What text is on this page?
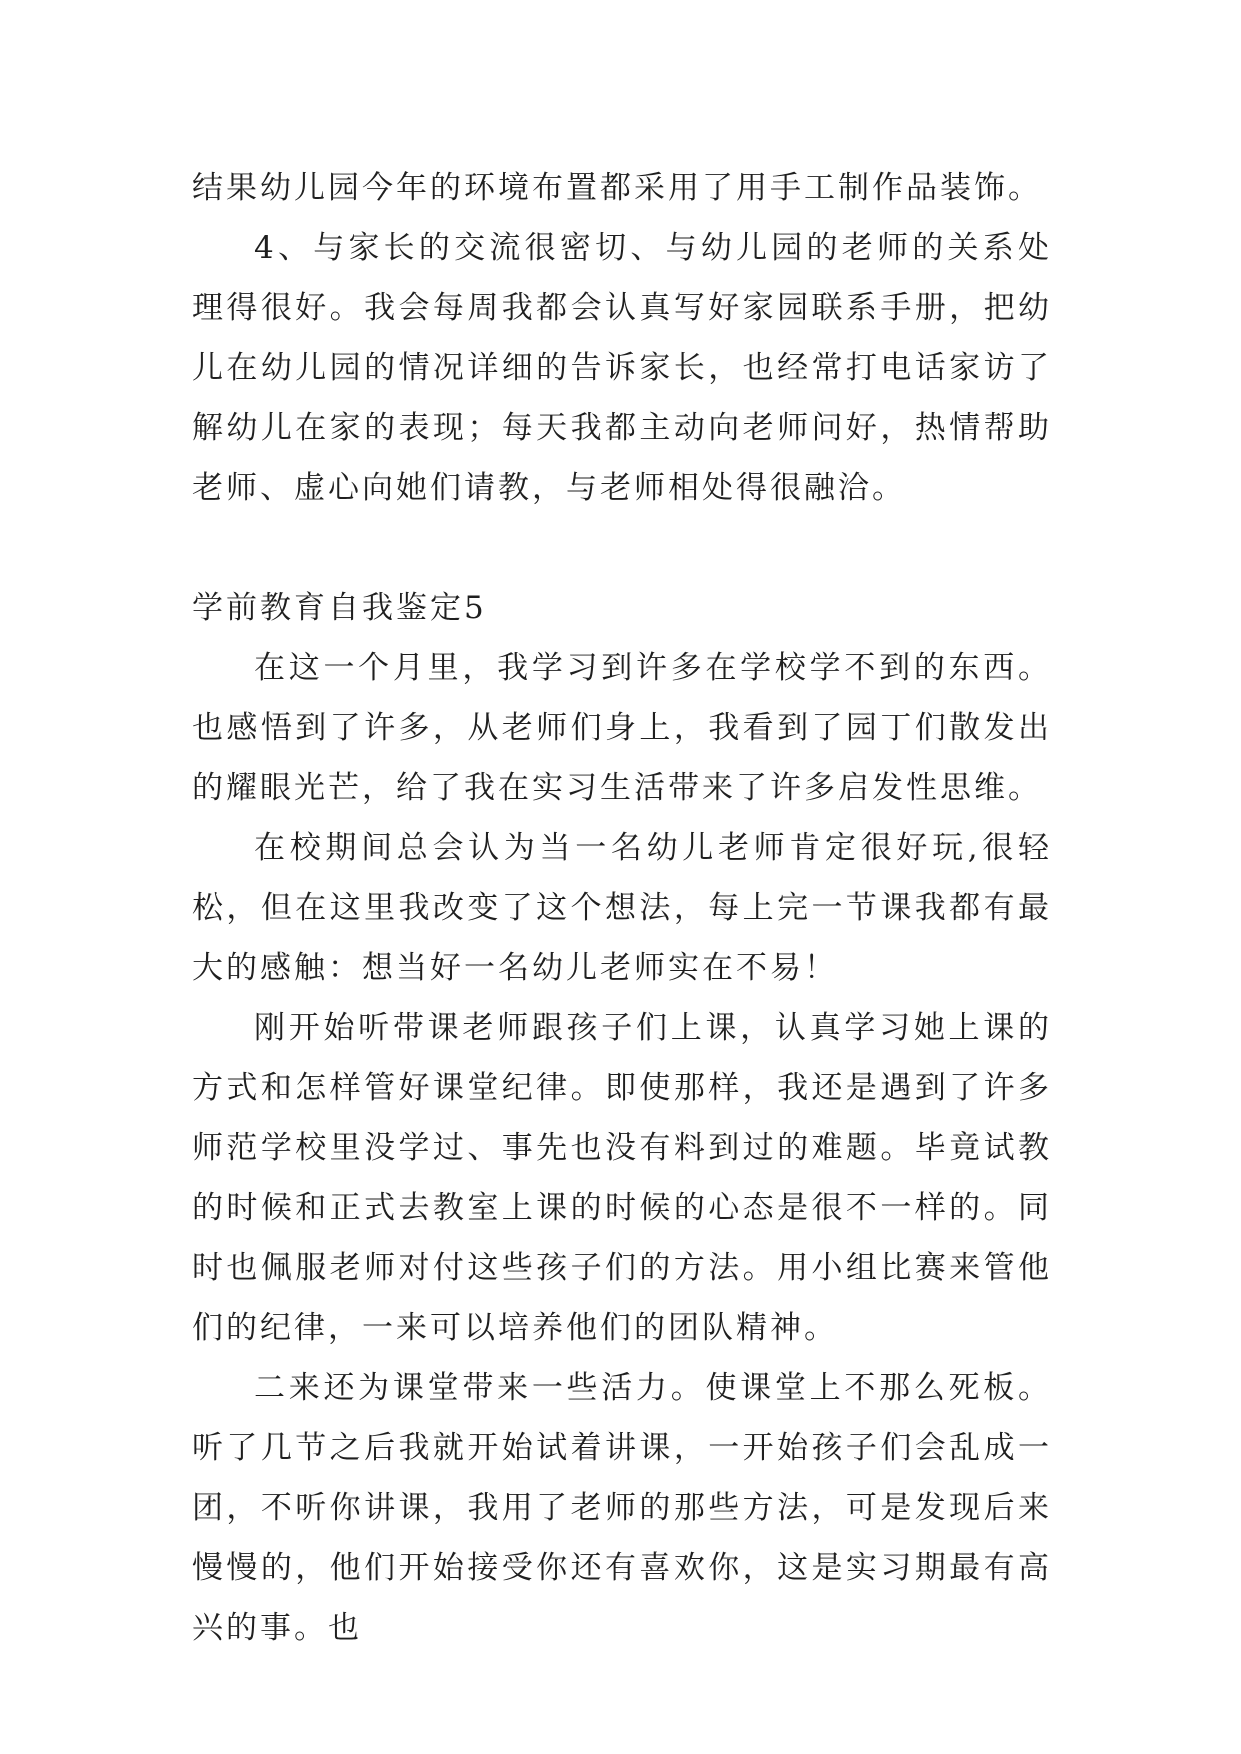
结果幼儿园今年的环境布置都采用了用手工制作品装饰。

4、与家长的交流很密切、与幼儿园的老师的关系处理得很好。我会每周我都会认真写好家园联系手册，把幼儿在幼儿园的情况详细的告诉家长，也经常打电话家访了解幼儿在家的表现；每天我都主动向老师问好，热情帮助老师、虚心向她们请教，与老师相处得很融洽。

学前教育自我鉴定5

在这一个月里，我学习到许多在学校学不到的东西。也感悟到了许多，从老师们身上，我看到了园丁们散发出的耀眼光芒，给了我在实习生活带来了许多启发性思维。

在校期间总会认为当一名幼儿老师肯定很好玩,很轻松，但在这里我改变了这个想法，每上完一节课我都有最大的感触：想当好一名幼儿老师实在不易！

刚开始听带课老师跟孩子们上课，认真学习她上课的方式和怎样管好课堂纪律。即使那样，我还是遇到了许多师范学校里没学过、事先也没有料到过的难题。毕竟试教的时候和正式去教室上课的时候的心态是很不一样的。同时也佩服老师对付这些孩子们的方法。用小组比赛来管他们的纪律，一来可以培养他们的团队精神。

二来还为课堂带来一些活力。使课堂上不那么死板。听了几节之后我就开始试着讲课，一开始孩子们会乱成一团，不听你讲课，我用了老师的那些方法，可是发现后来慢慢的，他们开始接受你还有喜欢你，这是实习期最有高兴的事。也
